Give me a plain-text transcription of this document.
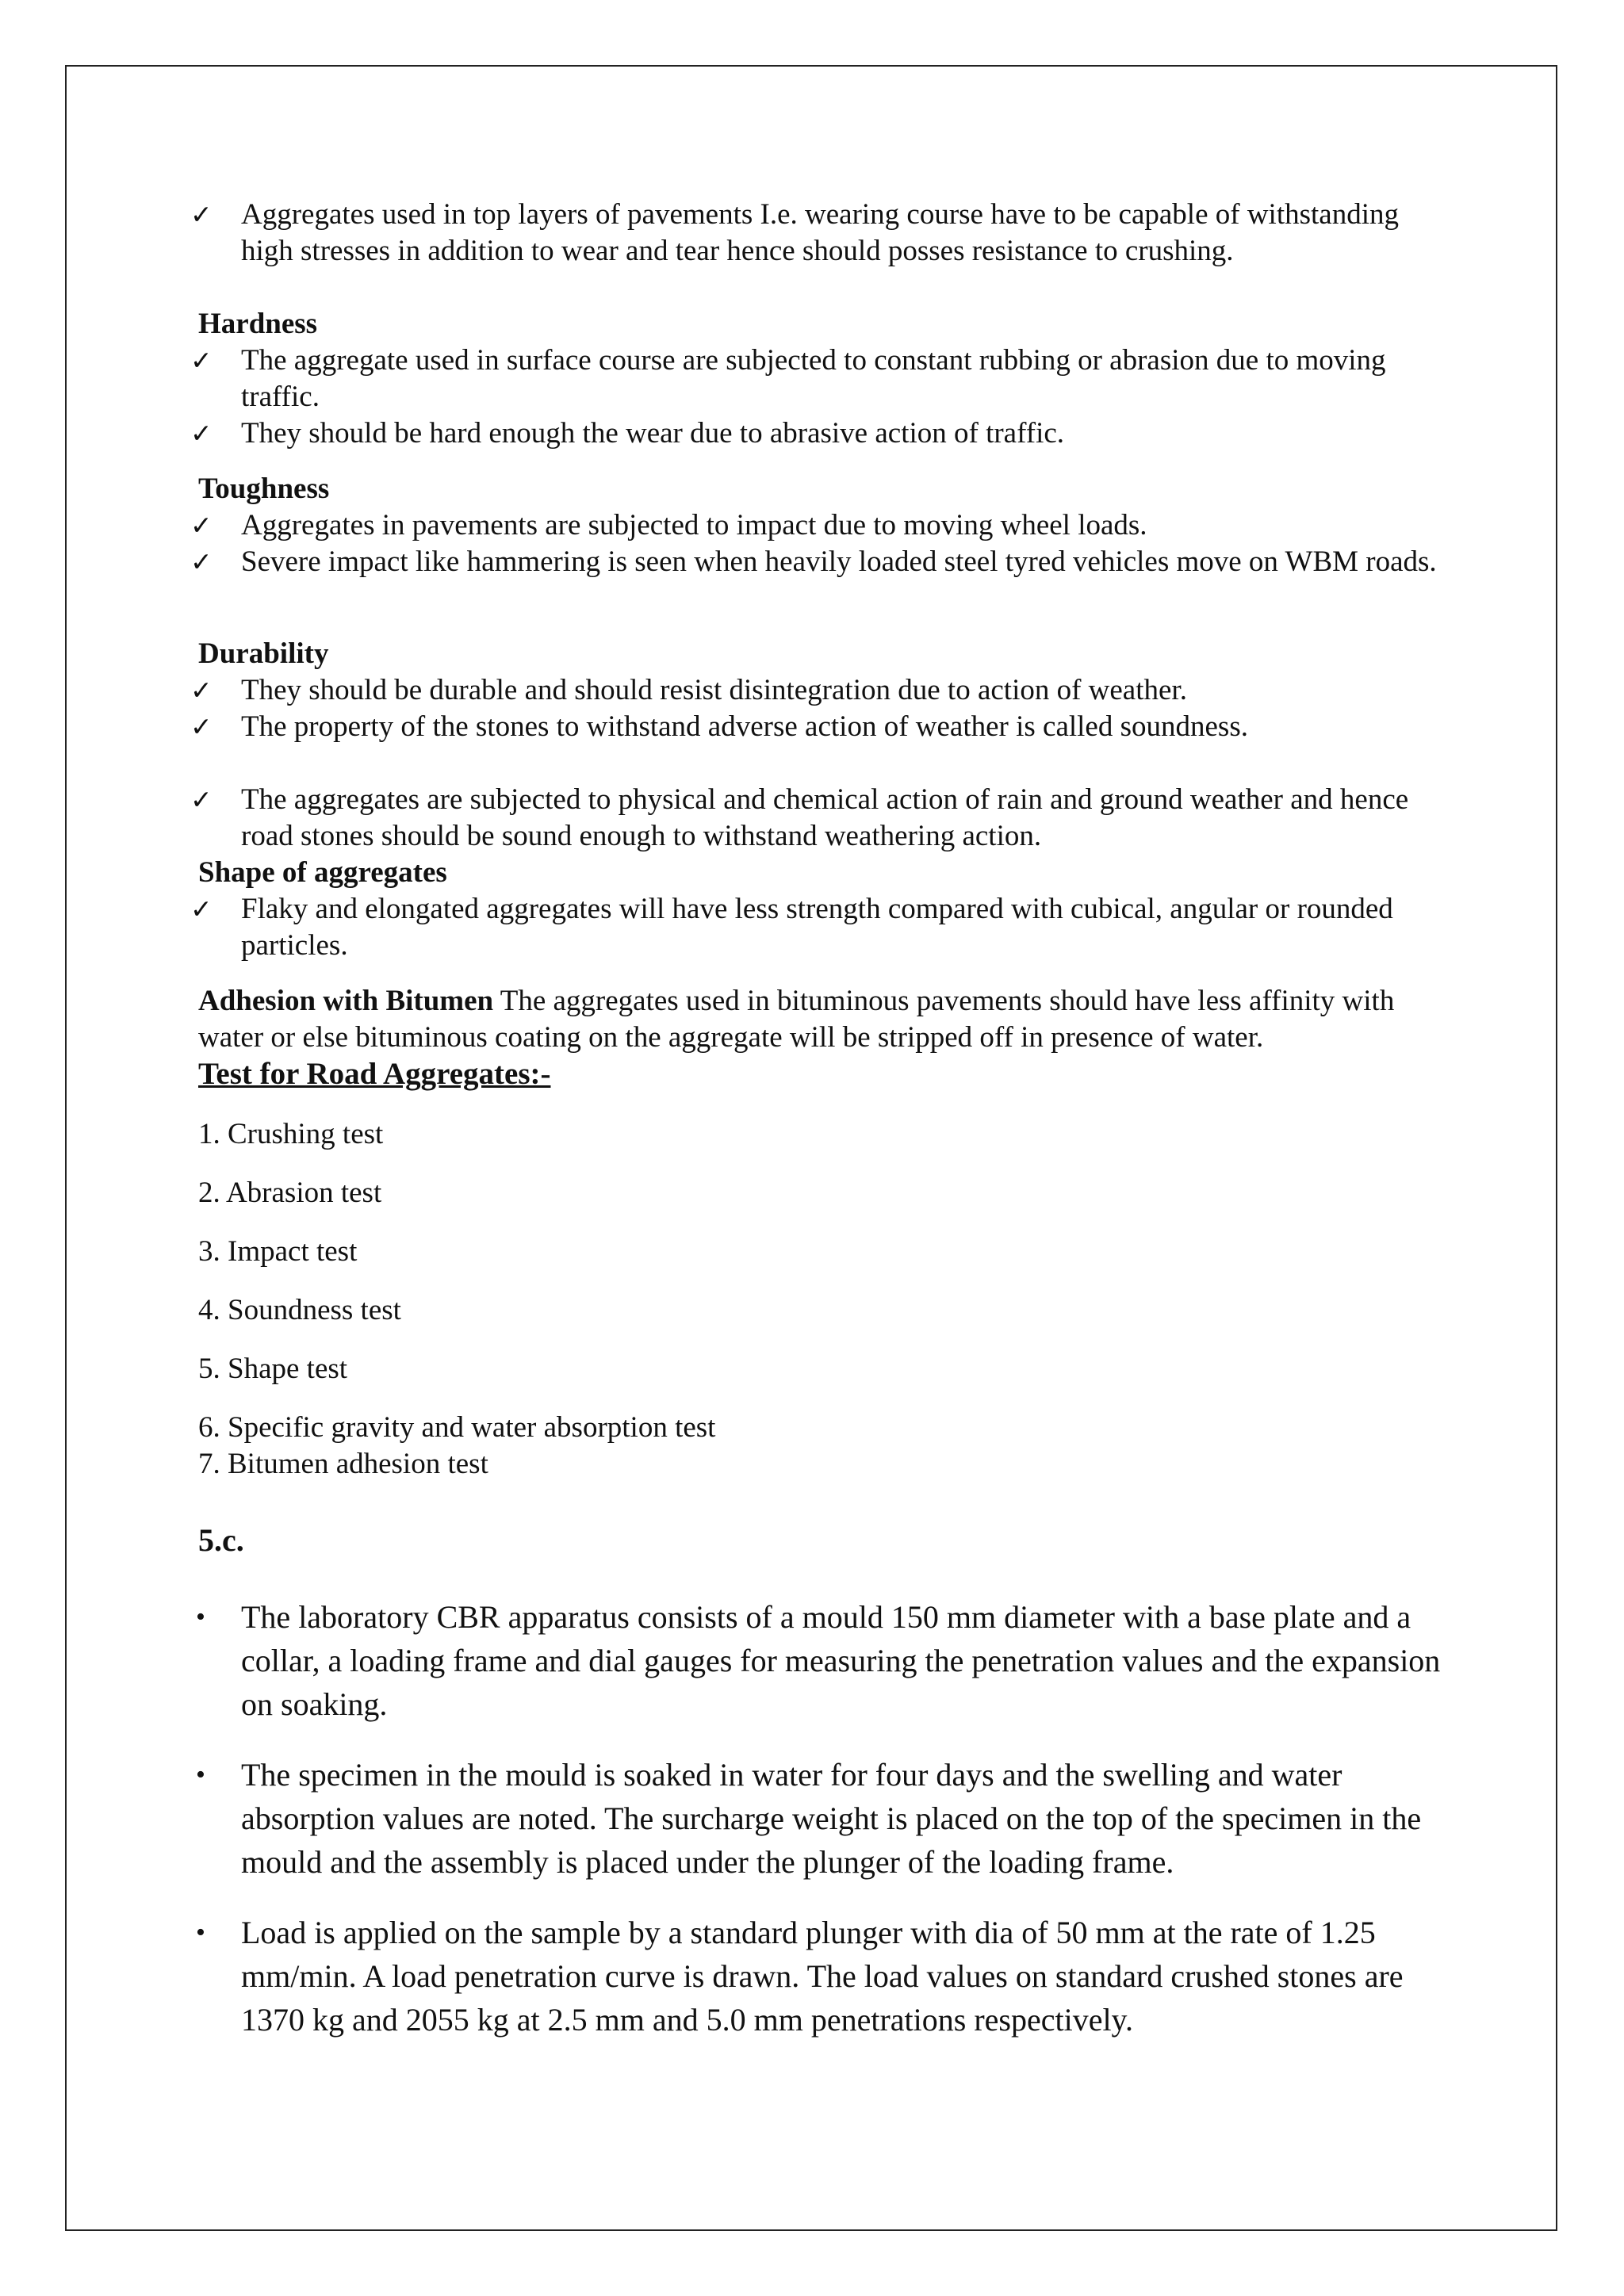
✓ Aggregates used in top layers of pavements I.e. wearing course have to be capable of withstanding high stresses in addition to wear and tear hence should posses resistance to crushing.
Hardness
✓ The aggregate used in surface course are subjected to constant rubbing or abrasion due to moving traffic.
✓ They should be hard enough the wear due to abrasive action of traffic.
Toughness
✓ Aggregates in pavements are subjected to impact due to moving wheel loads.
✓ Severe impact like hammering is seen when heavily loaded steel tyred vehicles move on WBM roads.
Durability
✓ They should be durable and should resist disintegration due to action of weather.
✓ The property of the stones to withstand adverse action of weather is called soundness.
✓ The aggregates are subjected to physical and chemical action of rain and ground weather and hence road stones should be sound enough to withstand weathering action.
Shape of aggregates
✓ Flaky and elongated aggregates will have less strength compared with cubical, angular or rounded particles.

Adhesion with Bitumen The aggregates used in bituminous pavements should have less affinity with water or else bituminous coating on the aggregate will be stripped off in presence of water.

Test for Road Aggregates:-
1. Crushing test
2. Abrasion test
3. Impact test
4. Soundness test
5. Shape test
6. Specific gravity and water absorption test
7. Bitumen adhesion test
5.c.
• The laboratory CBR apparatus consists of a mould 150 mm diameter with a base plate and a collar, a loading frame and dial gauges for measuring the penetration values and the expansion on soaking.
• The specimen in the mould is soaked in water for four days and the swelling and water absorption values are noted. The surcharge weight is placed on the top of the specimen in the mould and the assembly is placed under the plunger of the loading frame.
• Load is applied on the sample by a standard plunger with dia of 50 mm at the rate of 1.25 mm/min. A load penetration curve is drawn. The load values on standard crushed stones are 1370 kg and 2055 kg at 2.5 mm and 5.0 mm penetrations respectively.
